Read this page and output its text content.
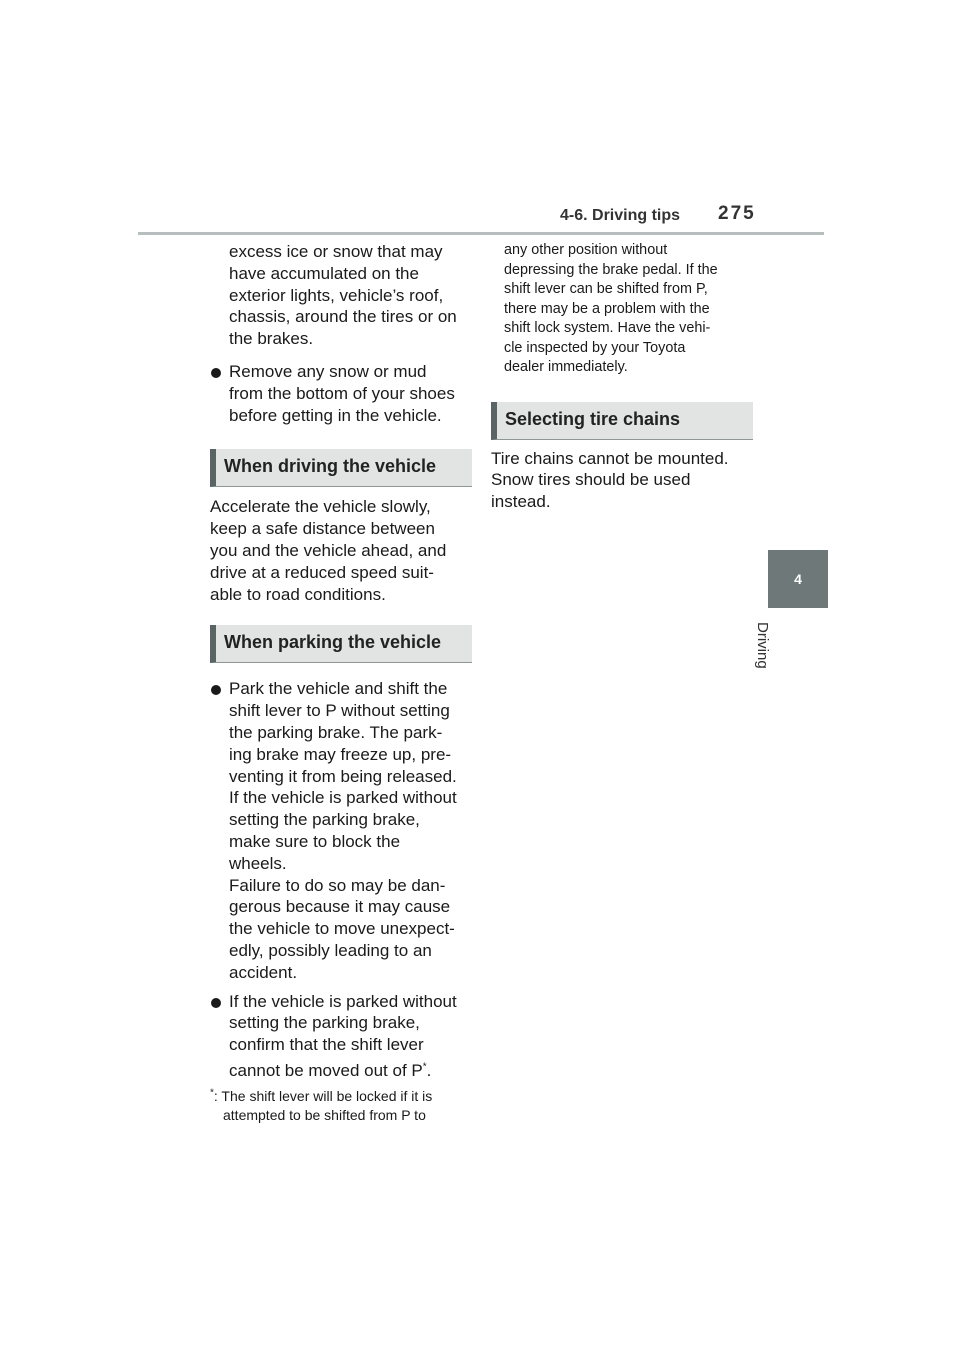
4-6. Driving tips 275
4
Driving

excess ice or snow that may
have accumulated on the
exterior lights, vehicle’s roof,
chassis, around the tires or on
the brakes.

Remove any snow or mud
from the bottom of your shoes
before getting in the vehicle.
When driving the vehicle

Accelerate the vehicle slowly,
keep a safe distance between
you and the vehicle ahead, and
drive at a reduced speed suit-
able to road conditions.

When parking the vehicle
Park the vehicle and shift the
shift lever to P without setting
the parking brake. The park-
ing brake may freeze up, pre-
venting it from being released.
If the vehicle is parked without
setting the parking brake,
make sure to block the
wheels.
Failure to do so may be dan-
gerous because it may cause
the vehicle to move unexpect-
edly, possibly leading to an
accident.
If the vehicle is parked without
setting the parking brake,
confirm that the shift lever
cannot be moved out of P*.

*: The shift lever will be locked if it is
attempted to be shifted from P to

any other position without
depressing the brake pedal. If the
shift lever can be shifted from P,
there may be a problem with the
shift lock system. Have the vehi-
cle inspected by your Toyota
dealer immediately.

Selecting tire chains

Tire chains cannot be mounted.
Snow tires should be used
instead.
